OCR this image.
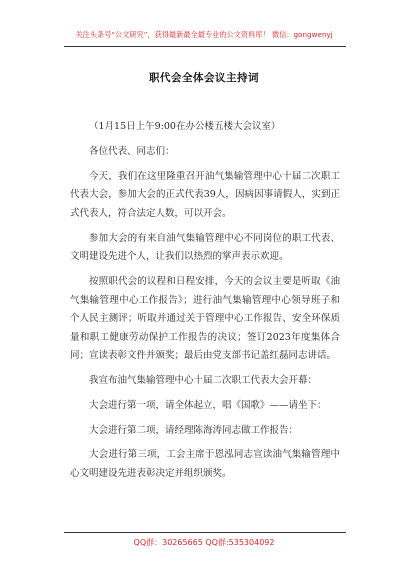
关注头条号“公文研究”，获得最新最全最专业的公文资料库！ 微信：gongwenyj
职代会全体会议主持词

（1月15日上午9:00在办公楼五楼大会议室）

各位代表、同志们：

今天，我们在这里隆重召开油气集输管理中心十届二次职工代表大会，参加大会的正式代表39人，因病因事请假人，实到正式代表人，符合法定人数，可以开会。

参加大会的有来自油气集输管理中心不同岗位的职工代表、文明建设先进个人，让我们以热烈的掌声表示欢迎。

按照职代会的议程和日程安排，今天的会议主要是听取《油气集输管理中心工作报告》；进行油气集输管理中心领导班子和个人民主测评；听取并通过关于管理中心工作报告、安全环保质量和职工健康劳动保护工作报告的决议；签订2023年度集体合同；宣读表彰文件并颁奖；最后由党支部书记盖红磊同志讲话。

我宣布油气集输管理中心十届二次职工代表大会开幕：

大会进行第一项，请全体起立，唱《国歌》——请坐下：

大会进行第二项，请经理陈海涛同志做工作报告：

大会进行第三项，工会主席于恩泓同志宣读油气集输管理中心文明建设先进表彰决定并组织颁奖。

QQ群：30265665 QQ群:535304092
